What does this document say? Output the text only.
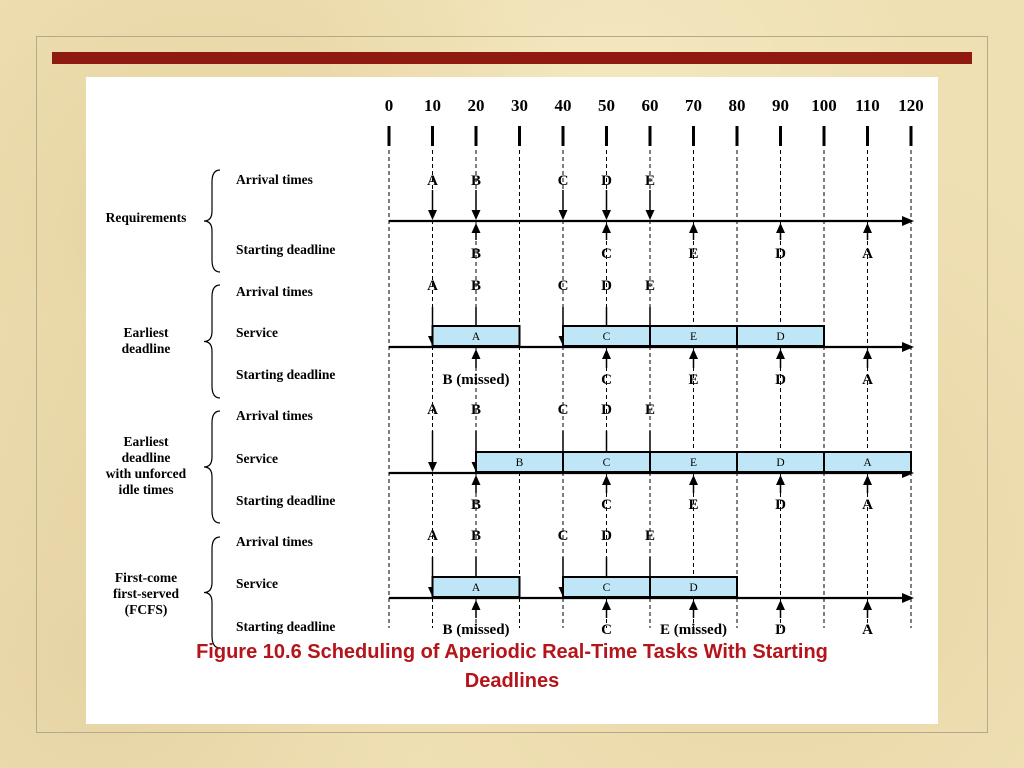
0 10 20 30 40 50 60 70 80 90 100 110 120
Requirements
Arrival times
Starting deadline
A B	C D E
B	C	E	D	A
Earliest
deadline
Arrival times
Service
Starting deadline
A B	C D E
A	C	E	D
B (missed)	C	E	D	A
Earliest
deadline
with unforced
idle times
Arrival times
Service
Starting deadline
A B	C D E
B	C	E	D	A
B	C	E	D	A
First-come
first-served
(FCFS)
Arrival times
Service
Starting deadline
A B	C D E
A	C	D
B (missed)	C	E (missed)	D	A
Figure 10.6 Scheduling of Aperiodic Real-Time Tasks With Starting
Deadlines
